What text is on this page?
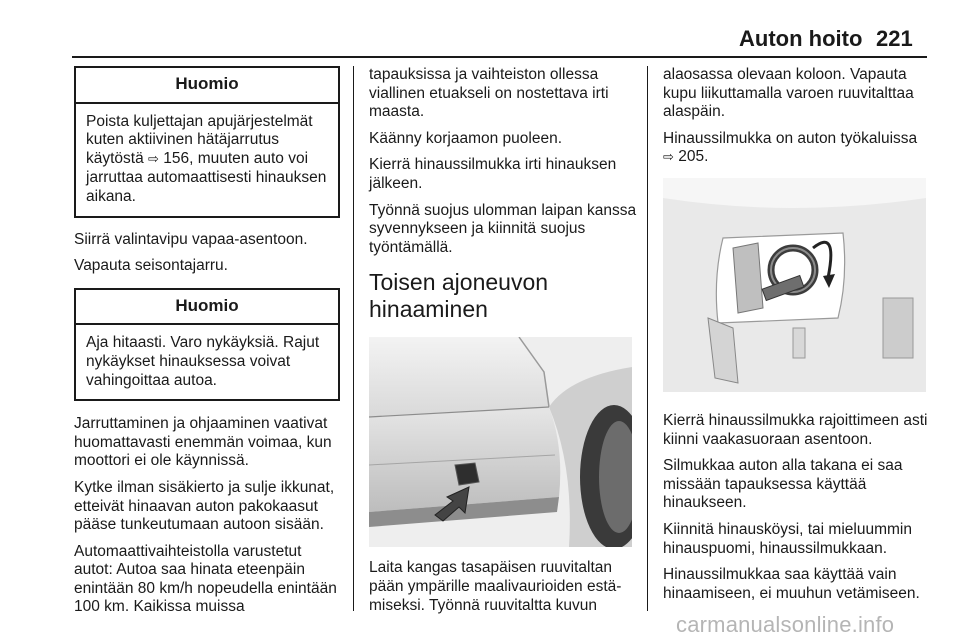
Auton hoito 221
Huomio
Poista kuljettajan apujärjestelmät kuten aktiivinen hätäjarrutus käytöstä ⇨ 156, muuten auto voi jarruttaa automaattisesti hinauksen aikana.

Siirrä valintavipu vapaa-asentoon.

Vapauta seisontajarru.

Huomio
Aja hitaasti. Varo nykäyksiä. Rajut nykäykset hinauksessa voivat vahingoittaa autoa.

Jarruttaminen ja ohjaaminen vaativat huomattavasti enemmän voimaa, kun moottori ei ole käynnissä.

Kytke ilman sisäkierto ja sulje ikkunat, etteivät hinaavan auton pakokaasut pääse tunkeutumaan autoon sisään.

Automaattivaihteistolla varustetut autot: Autoa saa hinata eteenpäin enintään 80 km/h nopeudella enintään 100 km. Kaikissa muissa

tapauksissa ja vaihteiston ollessa viallinen etuakseli on nostettava irti maasta.

Käänny korjaamon puoleen.

Kierrä hinaussilmukka irti hinauksen jälkeen.

Työnnä suojus ulomman laipan kanssa syvennykseen ja kiinnitä suojus työntämällä.

Toisen ajoneuvon hinaaminen

Laita kangas tasapäisen ruuvitaltan pään ympärille maalivaurioiden estämiseksi. Työnnä ruuvitaltta kuvun

alaosassa olevaan koloon. Vapauta kupu liikuttamalla varoen ruuvitalttaa alaspäin.

Hinaussilmukka on auton työkaluissa ⇨ 205.

Kierrä hinaussilmukka rajoittimeen asti kiinni vaakasuoraan asentoon.

Silmukkaa auton alla takana ei saa missään tapauksessa käyttää hinaukseen.

Kiinnitä hinausköysi, tai mieluummin hinauspuomi, hinaussilmukkaan.

Hinaussilmukkaa saa käyttää vain hinaamiseen, ei muuhun vetämiseen.

carmanualsonline.info
